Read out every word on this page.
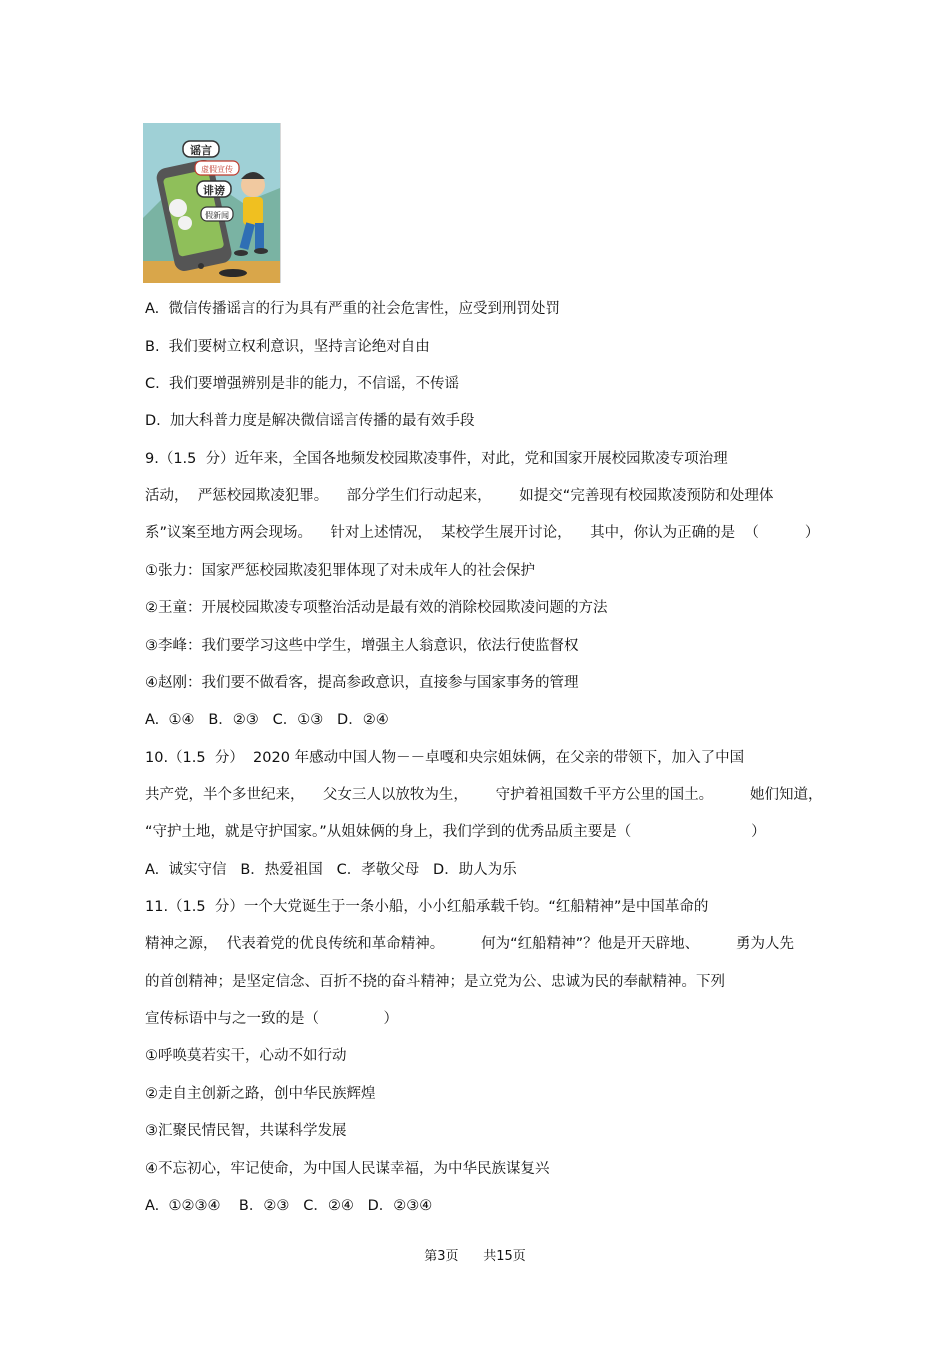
谣言
虚假宣传
诽谤
假新闻
A.  微信传播谣言的行为具有严重的社会危害性，应受到刑罚处罚
B.  我们要树立权利意识，坚持言论绝对自由
C.  我们要增强辨别是非的能力，不信谣，不传谣
D.  加大科普力度是解决微信谣言传播的最有效手段
9.（1.5  分）近年来，全国各地频发校园欺凌事件，对此，党和国家开展校园欺凌专项治理
活动，  严惩校园欺凌犯罪。    部分学生们行动起来，      如提交“完善现有校园欺凌预防和处理体
系”议案至地方两会现场。    针对上述情况，  某校学生展开讨论，    其中，你认为正确的是  （          ）
①张力：国家严惩校园欺凌犯罪体现了对未成年人的社会保护
②王童：开展校园欺凌专项整治活动是最有效的消除校园欺凌问题的方法
③李峰：我们要学习这些中学生，增强主人翁意识，依法行使监督权
④赵刚：我们要不做看客，提高参政意识，直接参与国家事务的管理
A.  ①④   B．②③   C．①③   D．②④
10.（1.5  分）  2020 年感动中国人物－－卓嘎和央宗姐妹俩，在父亲的带领下，加入了中国
共产党，半个多世纪来，    父女三人以放牧为生，      守护着祖国数千平方公里的国土。        她们知道，
“守护土地，就是守护国家。”从姐妹俩的身上，我们学到的优秀品质主要是（                          ）
A.  诚实守信   B．热爱祖国   C．孝敬父母   D．助人为乐
11.（1.5  分）一个大党诞生于一条小船，小小红船承载千钧。“红船精神”是中国革命的
精神之源，  代表着党的优良传统和革命精神。        何为“红船精神”？他是开天辟地、        勇为人先
的首创精神；是坚定信念、百折不挠的奋斗精神；是立党为公、忠诚为民的奉献精神。下列
宣传标语中与之一致的是（              ）
①呼唤莫若实干，心动不如行动
②走自主创新之路，创中华民族辉煌
③汇聚民情民智，共谋科学发展
④不忘初心，牢记使命，为中国人民谋幸福，为中华民族谋复兴
A.  ①②③④    B．②③   C．②④   D．②③④
第3页      共15页
